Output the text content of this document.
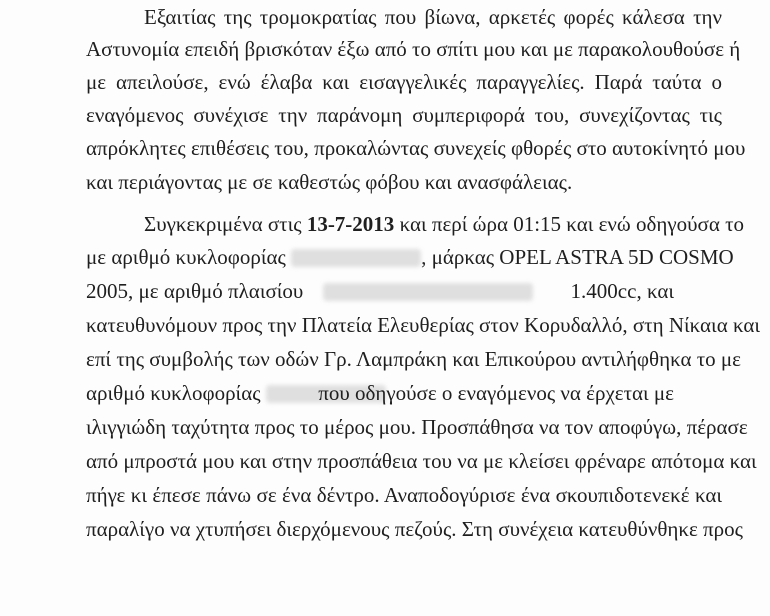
Εξαιτίας της τρομοκρατίας που βίωνα, αρκετές φορές κάλεσα την

Αστυνομία επειδή βρισκόταν έξω από το σπίτι μου και με παρακολουθούσε ή

με απειλούσε, ενώ έλαβα και εισαγγελικές παραγγελίες. Παρά ταύτα ο

εναγόμενος συνέχισε την παράνομη συμπεριφορά του, συνεχίζοντας τις

απρόκλητες επιθέσεις του, προκαλώντας συνεχείς φθορές στο αυτοκίνητό μου

και περιάγοντας με σε καθεστώς φόβου και ανασφάλειας.

Συγκεκριμένα στις 13-7-2013 και περί ώρα 01:15 και ενώ οδηγούσα το

με αριθμό κυκλοφορίας	, μάρκας OPEL ASTRA 5D COSMO

2005, με αριθμό πλαισίου	1.400cc, και

κατευθυνόμουν προς την Πλατεία Ελευθερίας στον Κορυδαλλό, στη Νίκαια και

επί της συμβολής των οδών Γρ. Λαμπράκη και Επικούρου αντιλήφθηκα το με

αριθμό κυκλοφορίας	που οδηγούσε ο εναγόμενος να έρχεται με

ιλιγγιώδη ταχύτητα προς το μέρος μου. Προσπάθησα να τον αποφύγω, πέρασε

από μπροστά μου και στην προσπάθεια του να με κλείσει φρέναρε απότομα και

πήγε κι έπεσε πάνω σε ένα δέντρο. Αναποδογύρισε ένα σκουπιδοτενεκέ και

παραλίγο να χτυπήσει διερχόμενους πεζούς. Στη συνέχεια κατευθύνθηκε προς
